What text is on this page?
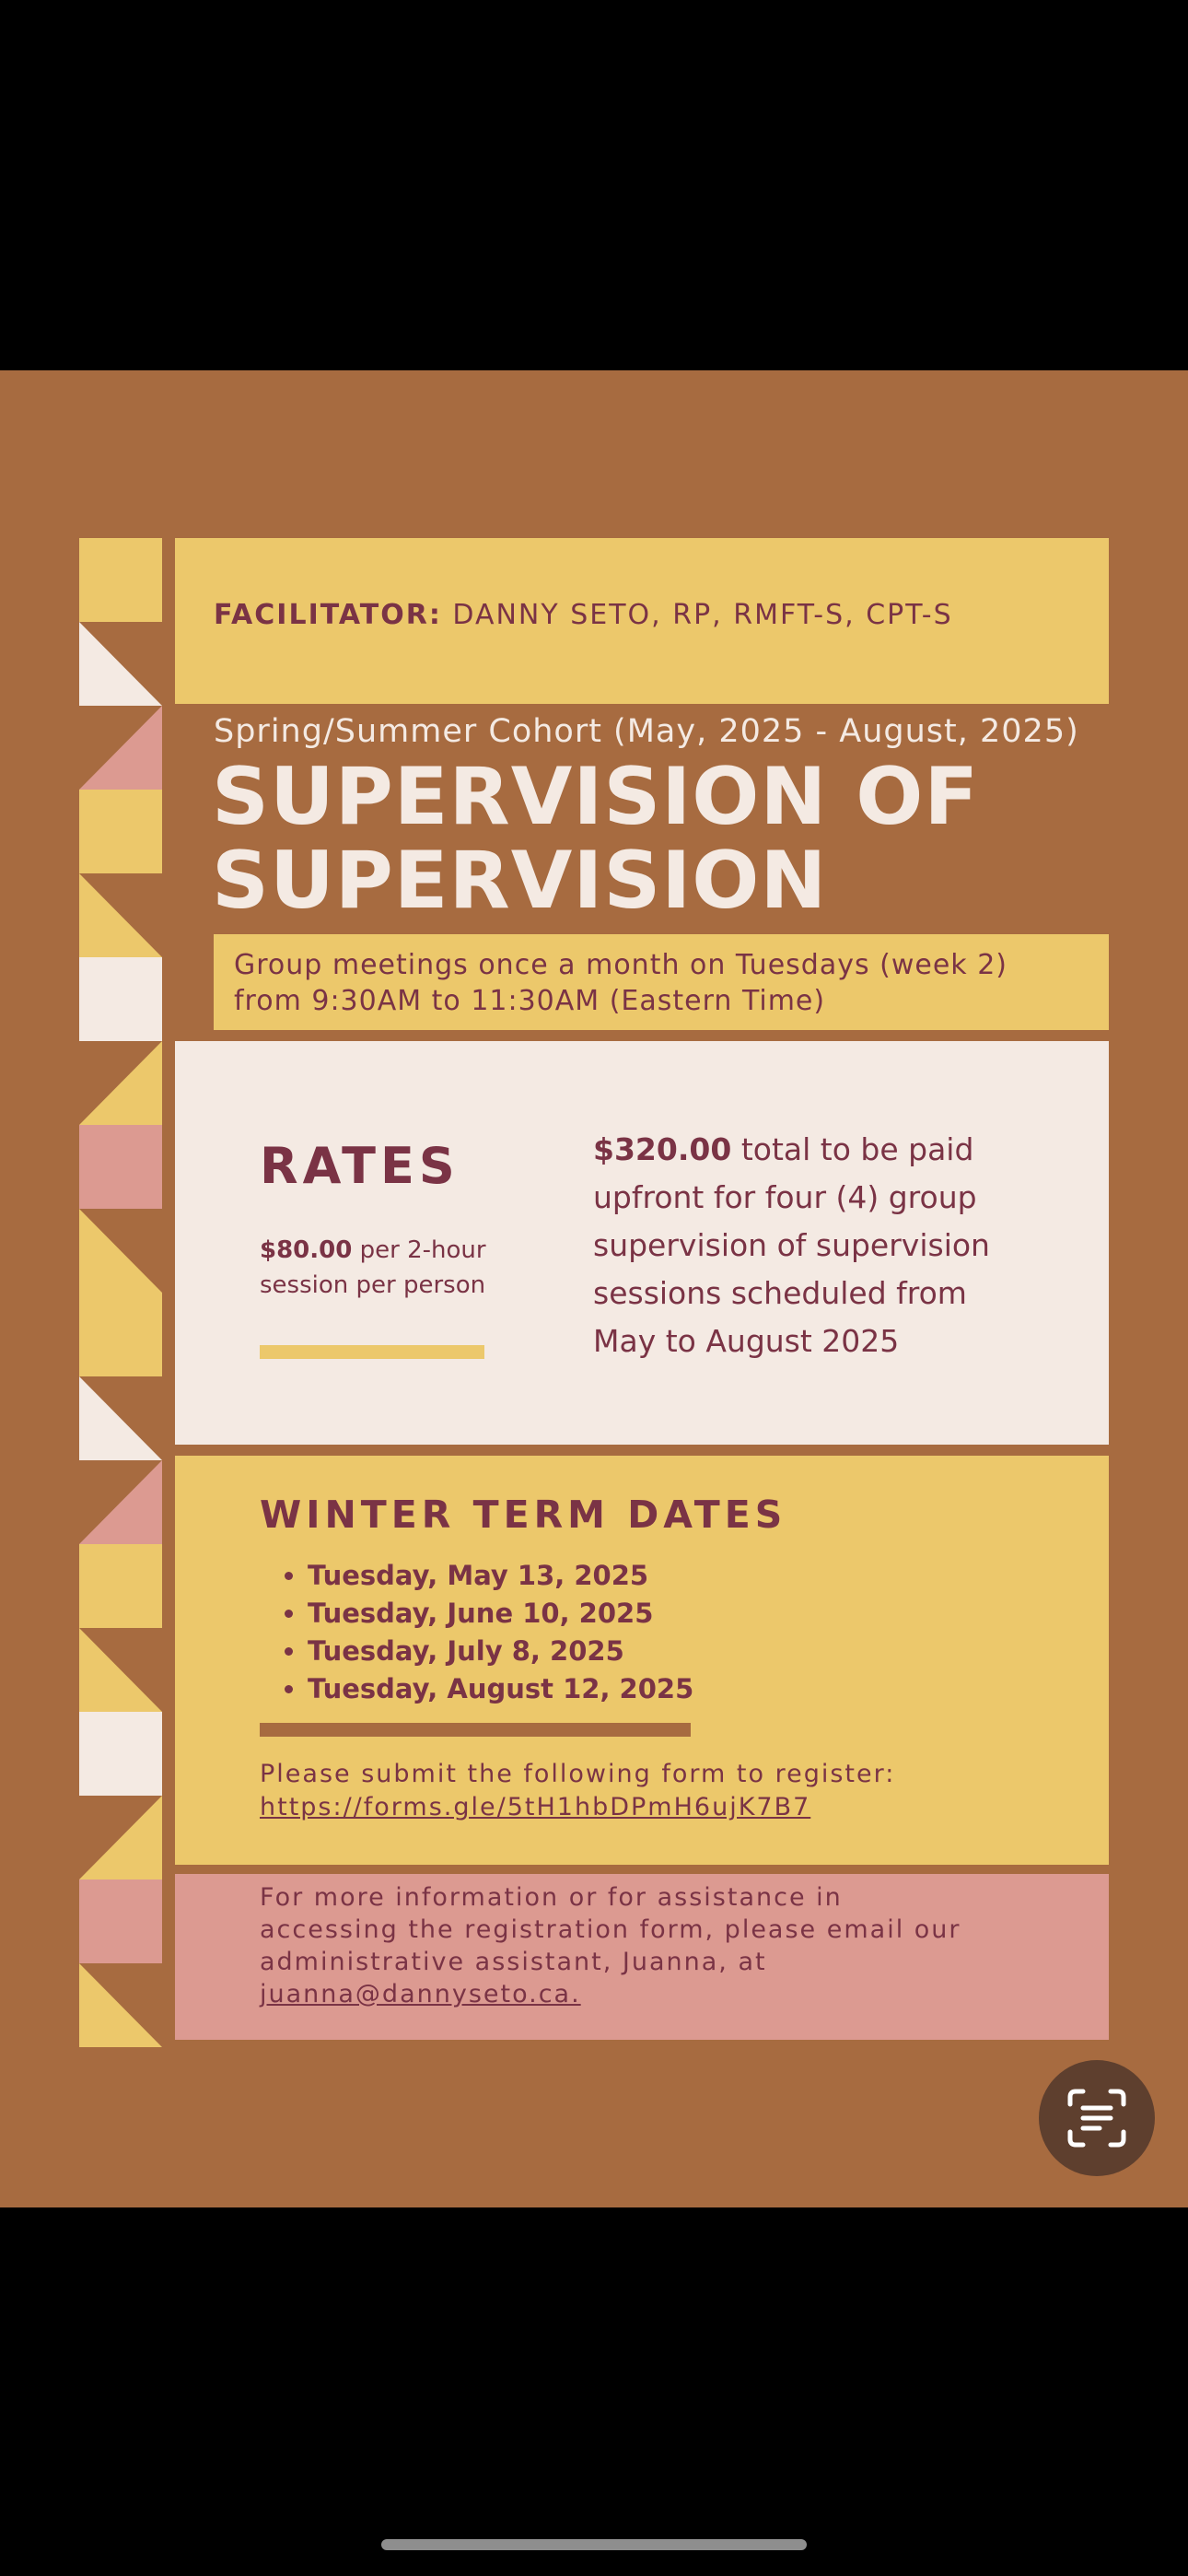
FACILITATOR: DANNY SETO, RP, RMFT-S, CPT-S
Spring/Summer Cohort (May, 2025 - August, 2025)
SUPERVISION OF
SUPERVISION
Group meetings once a month on Tuesdays (week 2)
from 9:30AM to 11:30AM (Eastern Time)
RATES
$80.00 per 2-hour session per person
$320.00 total to be paid upfront for four (4) group supervision of supervision sessions scheduled from May to August 2025
WINTER TERM DATES
• Tuesday, May 13, 2025
• Tuesday, June 10, 2025
• Tuesday, July 8, 2025
• Tuesday, August 12, 2025
Please submit the following form to register:
https://forms.gle/5tH1hbDPmH6ujK7B7
For more information or for assistance in
accessing the registration form, please email our
administrative assistant, Juanna, at
juanna@dannyseto.ca.
